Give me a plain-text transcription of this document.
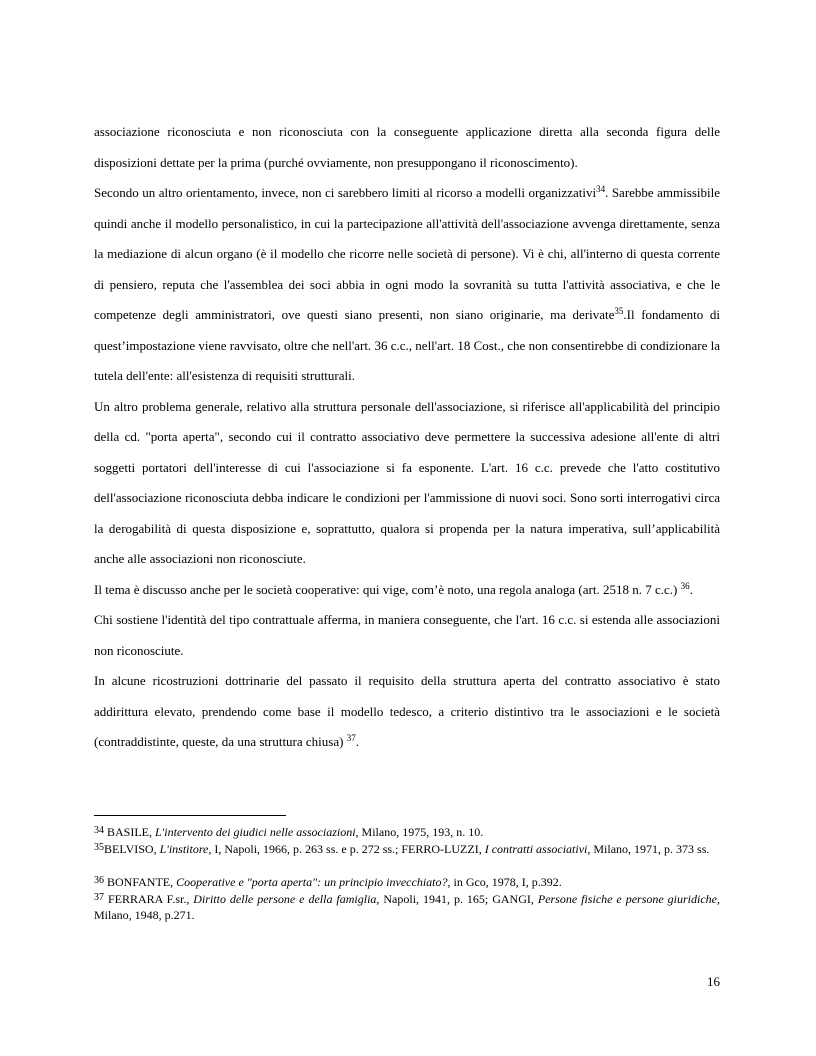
associazione riconosciuta e non riconosciuta con la conseguente applicazione diretta alla seconda figura delle disposizioni dettate per la prima (purché ovviamente, non presuppongano il riconoscimento).

Secondo un altro orientamento, invece, non ci sarebbero limiti al ricorso a modelli organizzativi$^{34}$. Sarebbe ammissibile quindi anche il modello personalistico, in cui la partecipazione all'attività dell'associazione avvenga direttamente, senza la mediazione di alcun organo (è il modello che ricorre nelle società di persone). Vi è chi, all'interno di questa corrente di pensiero, reputa che l'assemblea dei soci abbia in ogni modo la sovranità su tutta l'attività associativa, e che le competenze degli amministratori, ove questi siano presenti, non siano originarie, ma derivate$^{35}$.Il fondamento di quest’impostazione viene ravvisato, oltre che nell'art. 36 c.c., nell'art. 18 Cost., che non consentirebbe di condizionare la tutela dell'ente: all'esistenza di requisiti strutturali.

Un altro problema generale, relativo alla struttura personale dell'associazione, si riferisce all'applicabilità del principio della cd. "porta aperta", secondo cui il contratto associativo deve permettere la successiva adesione all'ente di altri soggetti portatori dell'interesse di cui l'associazione si fa esponente. L'art. 16 c.c. prevede che l'atto costitutivo dell'associazione riconosciuta debba indicare le condizioni per l'ammissione di nuovi soci. Sono sorti interrogativi circa la derogabilità di questa disposizione e, soprattutto, qualora si propenda per la natura imperativa, sull’applicabilità anche alle associazioni non riconosciute.

Il tema è discusso anche per le società cooperative: qui vige, com’è noto, una regola analoga (art. 2518 n. 7 c.c.) $^{36}$.

Chi sostiene l'identità del tipo contrattuale afferma, in maniera conseguente, che l'art. 16 c.c. si estenda alle associazioni non riconosciute.

In alcune ricostruzioni dottrinarie del passato il requisito della struttura aperta del contratto associativo è stato addirittura elevato, prendendo come base il modello tedesco, a criterio distintivo tra le associazioni e le società (contraddistinte, queste, da una struttura chiusa) $^{37}$.

$^{34}$ BASILE, L'intervento dei giudici nelle associazioni, Milano, 1975, 193, n. 10.

$^{35}$BELVISO, L'institore, I, Napoli, 1966, p. 263 ss. e p. 272 ss.; FERRO-LUZZI, I contratti associativi, Milano, 1971, p. 373 ss.

$^{36}$ BONFANTE, Cooperative e "porta aperta": un principio invecchiato?, in Gco, 1978, I, p.392.

$^{37}$ FERRARA F.sr., Diritto delle persone e della famiglia, Napoli, 1941, p. 165; GANGI, Persone fisiche e persone giuridiche, Milano, 1948, p.271.

16
